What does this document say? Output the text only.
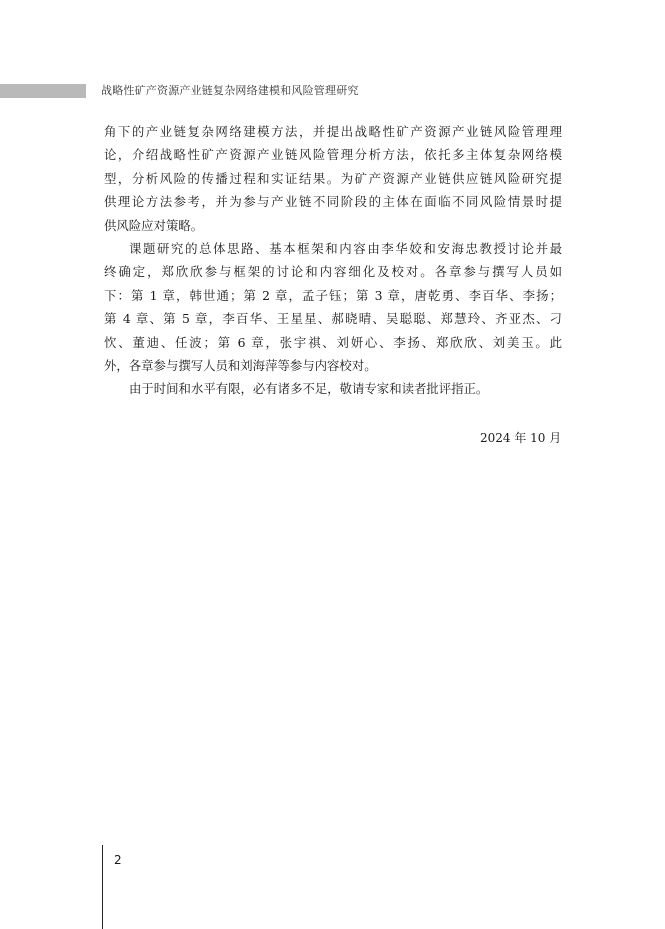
战略性矿产资源产业链复杂网络建模和风险管理研究
角下的产业链复杂网络建模方法，并提出战略性矿产资源产业链风险管理理
论，介绍战略性矿产资源产业链风险管理分析方法，依托多主体复杂网络模
型，分析风险的传播过程和实证结果。为矿产资源产业链供应链风险研究提
供理论方法参考，并为参与产业链不同阶段的主体在面临不同风险情景时提
供风险应对策略。
课题研究的总体思路、基本框架和内容由李华姣和安海忠教授讨论并最
终确定，郑欣欣参与框架的讨论和内容细化及校对。各章参与撰写人员如
下：第 1 章，韩世通；第 2 章，孟子钰；第 3 章，唐乾勇、李百华、李扬；
第 4 章、第 5 章，李百华、王星星、郝晓晴、吴聪聪、郑慧玲、齐亚杰、刁
忺、董迪、任波；第 6 章，张宇祺、刘妍心、李扬、郑欣欣、刘美玉。此
外，各章参与撰写人员和刘海萍等参与内容校对。
由于时间和水平有限，必有诸多不足，敬请专家和读者批评指正。
2024 年 10 月
2
